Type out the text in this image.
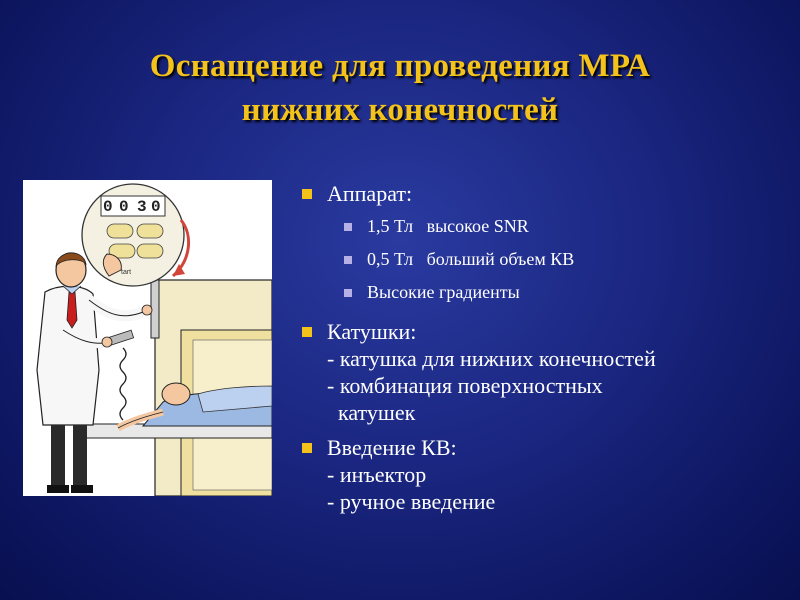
Оснащение для проведения МРА
нижних конечностей
0 0 3 0
tart
Аппарат:
1,5 Тл   высокое SNR
0,5 Тл   больший объем КВ
Высокие градиенты
Катушки:
- катушка для нижних конечностей
- комбинация поверхностных
катушек
Введение КВ:
- инъектор
- ручное введение
